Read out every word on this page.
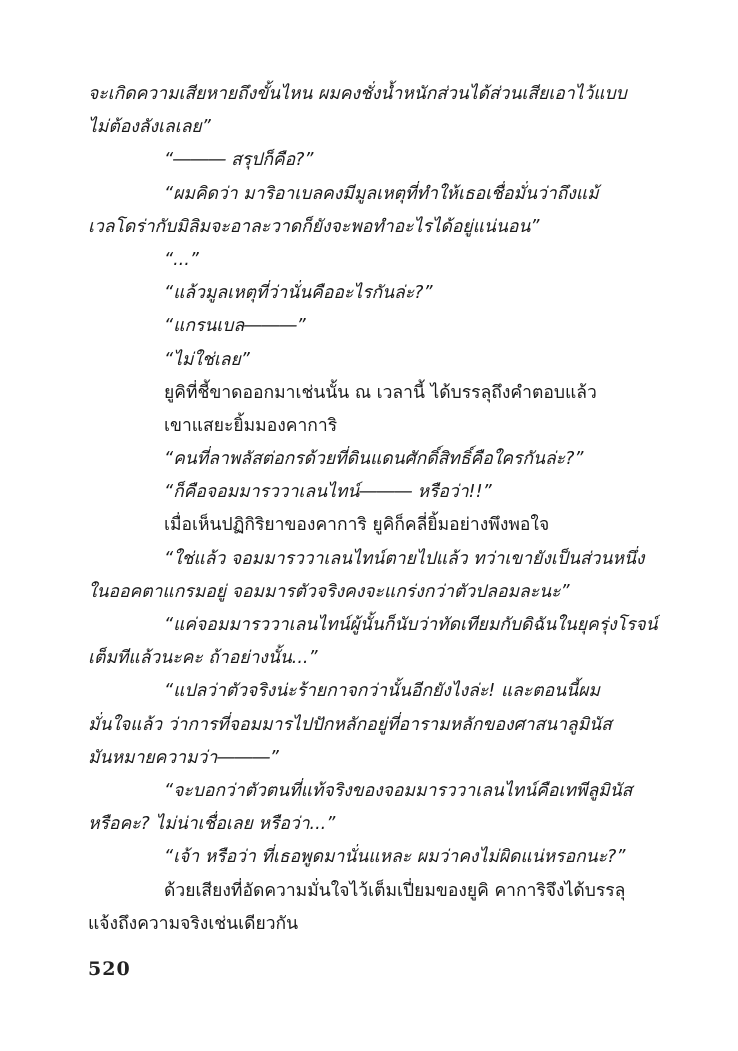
จะเกิดความเสียหายถึงขั้นไหน ผมคงชั่งน้ำหนักส่วนได้ส่วนเสียเอาไว้แบบ
ไม่ต้องลังเลเลย”
“――― สรุปก็คือ?”
“ผมคิดว่า มาริอาเบลคงมีมูลเหตุที่ทำให้เธอเชื่อมั่นว่าถึงแม้
เวลโดร่ากับมิลิมจะอาละวาดก็ยังจะพอทำอะไรได้อยู่แน่นอน”
“...”
“แล้วมูลเหตุที่ว่านั่นคืออะไรกันล่ะ?”
“แกรนเบล―――”
“ไม่ใช่เลย”
ยูคิที่ชี้ขาดออกมาเช่นนั้น ณ เวลานี้ ได้บรรลุถึงคำตอบแล้ว
เขาแสยะยิ้มมองคาการิ
“คนที่ลาพลัสต่อกรด้วยที่ดินแดนศักดิ์สิทธิ์คือใครกันล่ะ?”
“ก็คือจอมมารววาเลนไทน์――― หรือว่า!!”
เมื่อเห็นปฏิกิริยาของคาการิ ยูคิก็คลี่ยิ้มอย่างพึงพอใจ
“ใช่แล้ว จอมมารววาเลนไทน์ตายไปแล้ว ทว่าเขายังเป็นส่วนหนึ่ง
ในออคตาแกรมอยู่ จอมมารตัวจริงคงจะแกร่งกว่าตัวปลอมละนะ”
“แค่จอมมารววาเลนไทน์ผู้นั้นก็นับว่าทัดเทียมกับดิฉันในยุครุ่งโรจน์
เต็มทีแล้วนะคะ ถ้าอย่างนั้น...”
“แปลว่าตัวจริงน่ะร้ายกาจกว่านั้นอีกยังไงล่ะ! และตอนนี้ผม
มั่นใจแล้ว ว่าการที่จอมมารไปปักหลักอยู่ที่อารามหลักของศาสนาลูมินัส
มันหมายความว่า―――”
“จะบอกว่าตัวตนที่แท้จริงของจอมมารววาเลนไทน์คือเทพีลูมินัส
หรือคะ? ไม่น่าเชื่อเลย หรือว่า...”
“เจ้า หรือว่า ที่เธอพูดมานั่นแหละ ผมว่าคงไม่ผิดแน่หรอกนะ?”
ด้วยเสียงที่อัดความมั่นใจไว้เต็มเปี่ยมของยูคิ คาการิจึงได้บรรลุ
แจ้งถึงความจริงเช่นเดียวกัน
520
